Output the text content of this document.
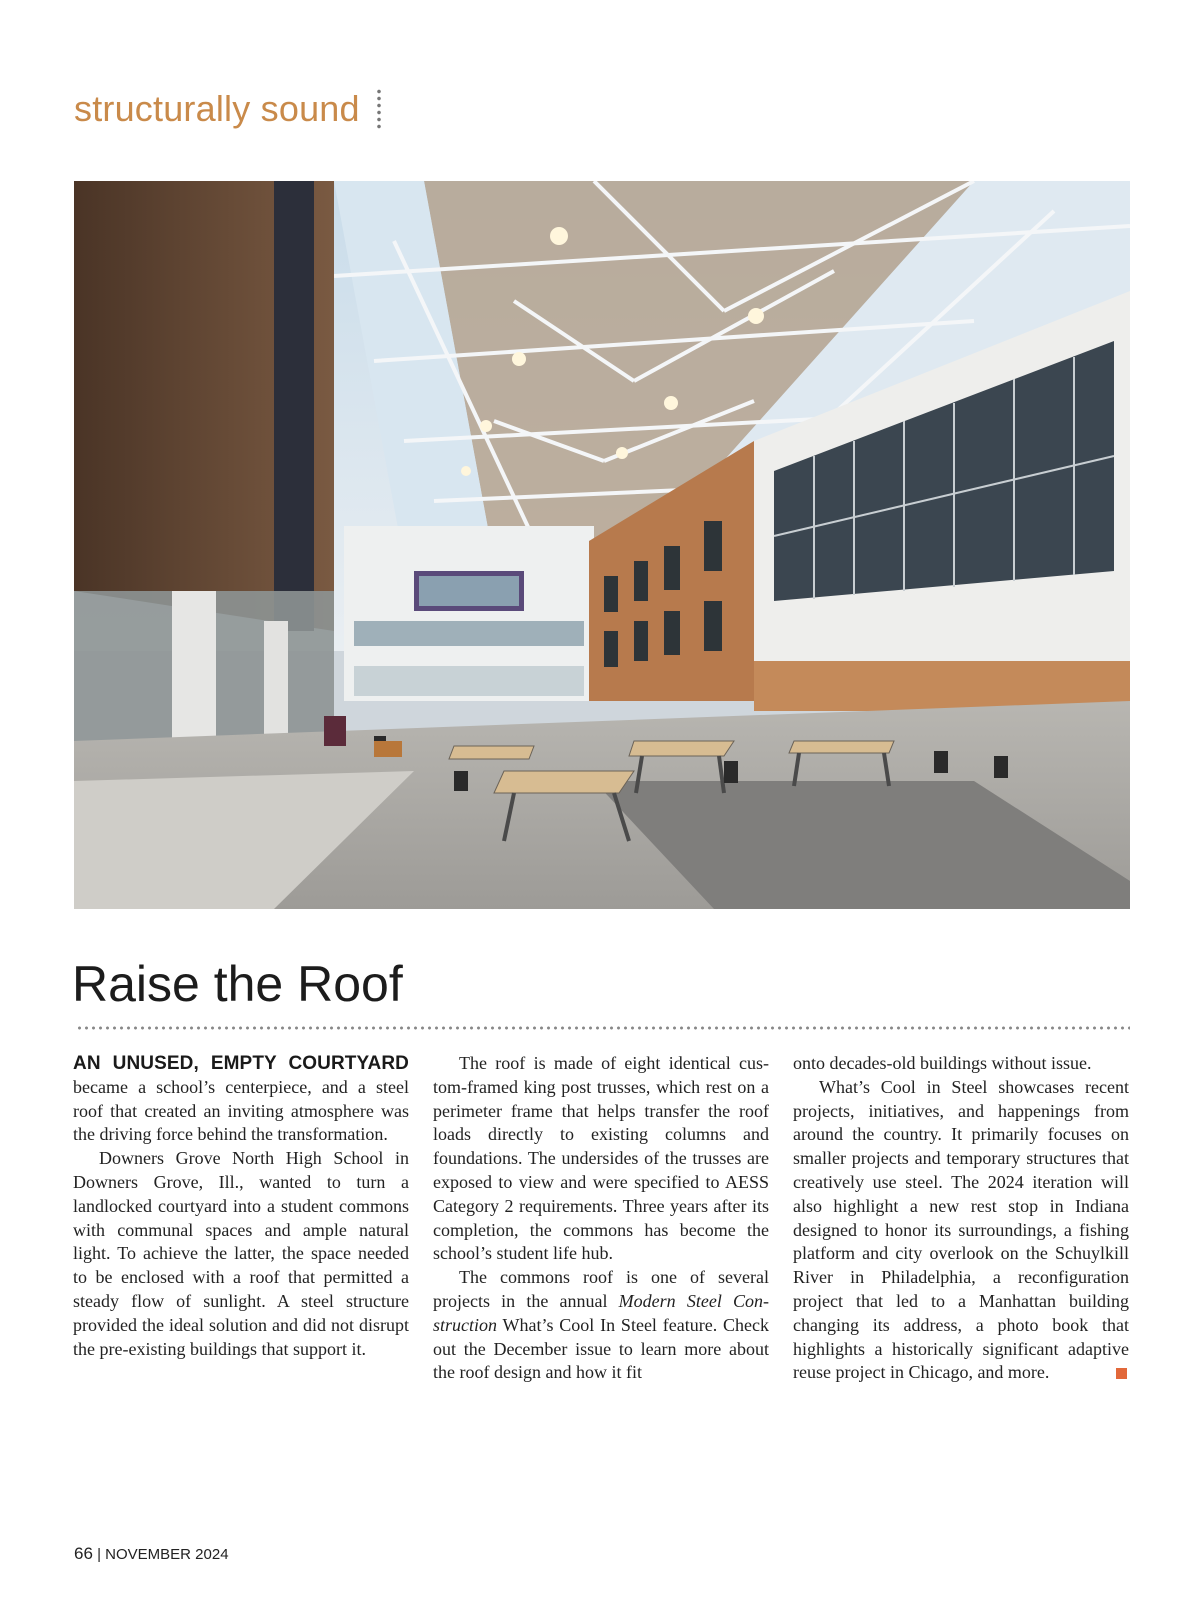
structurally sound
Raise the Roof

AN UNUSED, EMPTY COURTYARD became a school’s centerpiece, and a steel roof that created an inviting atmosphere was the driving force behind the transformation.

Downers Grove North High School in Downers Grove, Ill., wanted to turn a landlocked courtyard into a student commons with communal spaces and ample natural light. To achieve the latter, the space needed to be enclosed with a roof that permitted a steady flow of sunlight. A steel structure provided the ideal solution and did not disrupt the pre-existing buildings that support it.

The roof is made of eight identical custom-framed king post trusses, which rest on a perimeter frame that helps transfer the roof loads directly to existing columns and foundations. The undersides of the trusses are exposed to view and were specified to AESS Category 2 requirements. Three years after its completion, the commons has become the school’s student life hub.

The commons roof is one of several projects in the annual Modern Steel Construction What’s Cool In Steel feature. Check out the December issue to learn more about the roof design and how it fit

onto decades-old buildings without issue.

What’s Cool in Steel showcases recent projects, initiatives, and happenings from around the country. It primarily focuses on smaller projects and temporary structures that creatively use steel. The 2024 iteration will also highlight a new rest stop in Indiana designed to honor its surroundings, a fishing platform and city overlook on the Schuylkill River in Philadelphia, a reconfiguration project that led to a Manhattan building changing its address, a photo book that highlights a historically significant adaptive reuse project in Chicago, and more.

66 | NOVEMBER 2024
